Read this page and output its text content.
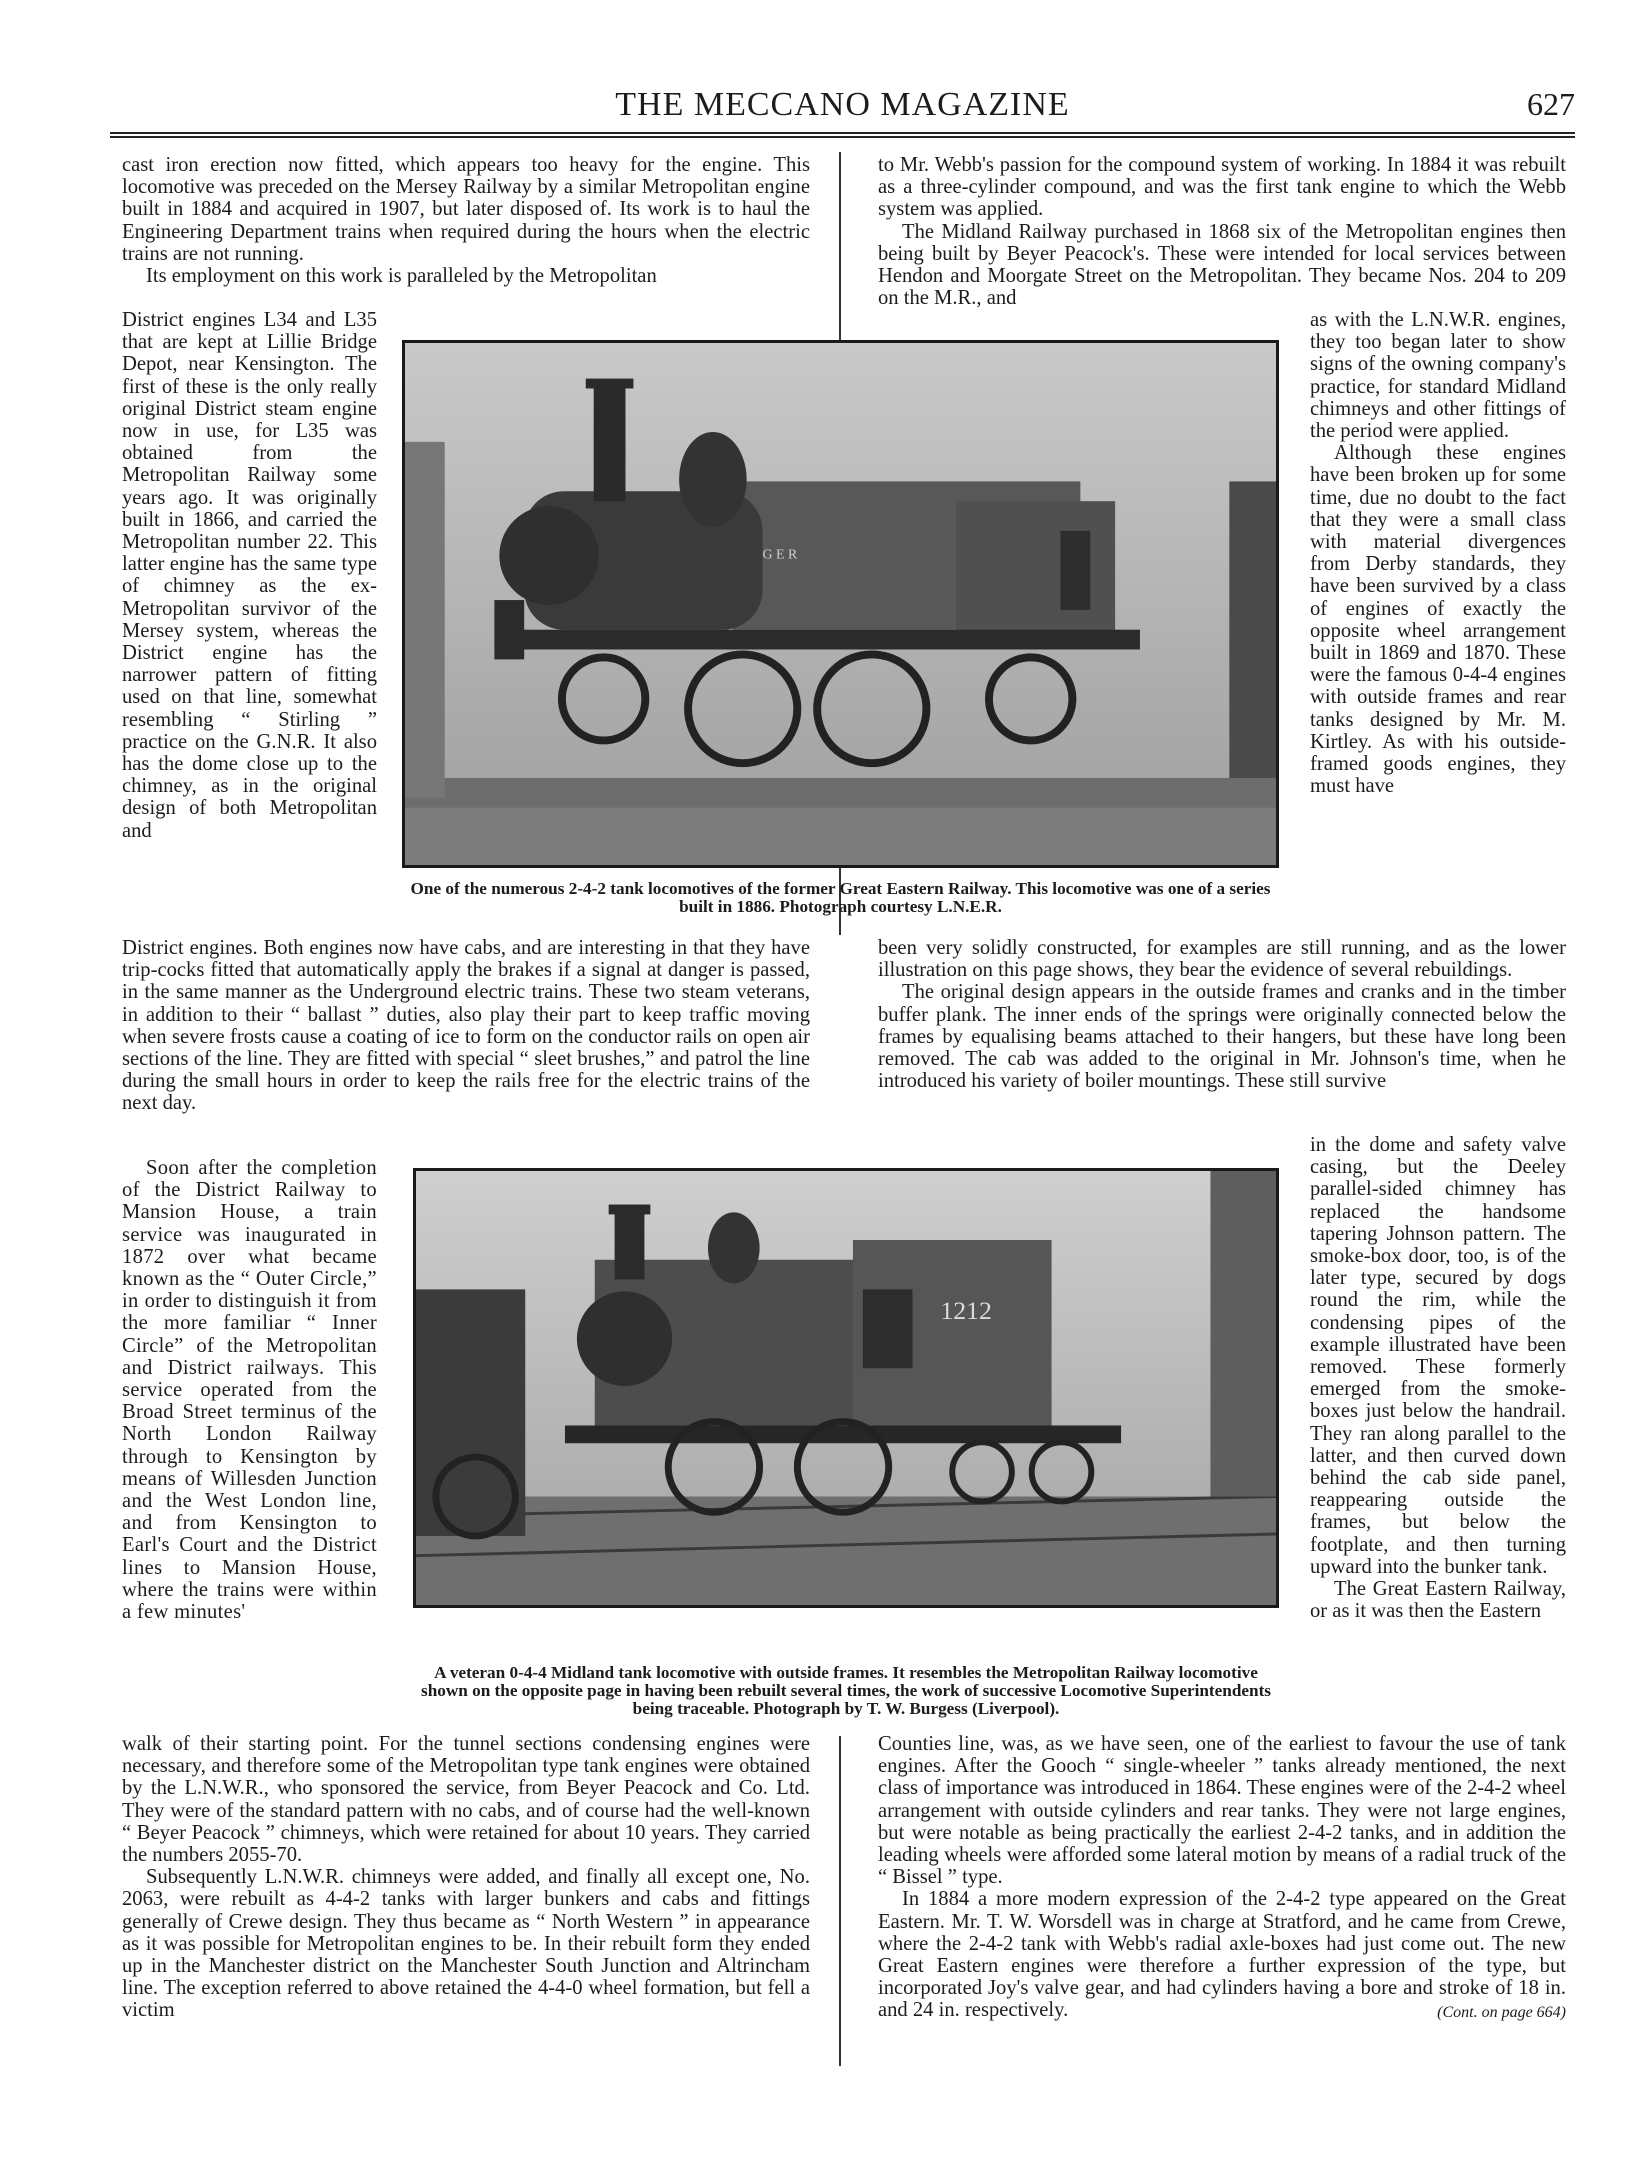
THE MECCANO MAGAZINE	627

cast iron erection now fitted, which appears too heavy for the engine. This locomotive was preceded on the Mersey Railway by a similar Metropolitan engine built in 1884 and acquired in 1907, but later disposed of. Its work is to haul the Engineering Department trains when required during the hours when the electric trains are not running.

Its employment on this work is paralleled by the Metropolitan

District engines L34 and L35 that are kept at Lillie Bridge Depot, near Kensington. The first of these is the only really original District steam engine now in use, for L35 was obtained from the Metropolitan Railway some years ago. It was originally built in 1866, and carried the Metropolitan number 22. This latter engine has the same type of chimney as the ex-Metropolitan survivor of the Mersey system, whereas the District engine has the narrower pattern of fitting used on that line, somewhat resembling “ Stirling ” practice on the G.N.R. It also has the dome close up to the chimney, as in the original design of both Metropolitan and

District engines. Both engines now have cabs, and are interesting in that they have trip-cocks fitted that automatically apply the brakes if a signal at danger is passed, in the same manner as the Underground electric trains. These two steam veterans, in addition to their “ ballast ” duties, also play their part to keep traffic moving when severe frosts cause a coating of ice to form on the conductor rails on open air sections of the line. They are fitted with special “ sleet brushes,” and patrol the line during the small hours in order to keep the rails free for the electric trains of the next day.

Soon after the completion of the District Railway to Mansion House, a train service was inaugurated in 1872 over what became known as the “ Outer Circle,” in order to distinguish it from the more familiar “ Inner Circle” of the Metropolitan and District railways. This service operated from the Broad Street terminus of the North London Railway through to Kensington by means of Willesden Junction and the West London line, and from Kensington to Earl's Court and the District lines to Mansion House, where the trains were within a few minutes'

walk of their starting point. For the tunnel sections condensing engines were necessary, and therefore some of the Metropolitan type tank engines were obtained by the L.N.W.R., who sponsored the service, from Beyer Peacock and Co. Ltd. They were of the standard pattern with no cabs, and of course had the well-known “ Beyer Peacock ” chimneys, which were retained for about 10 years. They carried the numbers 2055-70.

Subsequently L.N.W.R. chimneys were added, and finally all except one, No. 2063, were rebuilt as 4-4-2 tanks with larger bunkers and cabs and fittings generally of Crewe design. They thus became as “ North Western ” in appearance as it was possible for Metropolitan engines to be. In their rebuilt form they ended up in the Manchester district on the Manchester South Junction and Altrincham line. The exception referred to above retained the 4-4-0 wheel formation, but fell a victim

to Mr. Webb's passion for the compound system of working. In 1884 it was rebuilt as a three-cylinder compound, and was the first tank engine to which the Webb system was applied.

The Midland Railway purchased in 1868 six of the Metropolitan engines then being built by Beyer Peacock's. These were intended for local services between Hendon and Moorgate Street on the Metropolitan. They became Nos. 204 to 209 on the M.R., and

as with the L.N.W.R. engines, they too began later to show signs of the owning company's practice, for standard Midland chimneys and other fittings of the period were applied.

Although these engines have been broken up for some time, due no doubt to the fact that they were a small class with material divergences from Derby standards, they have been survived by a class of engines of exactly the opposite wheel arrangement built in 1869 and 1870. These were the famous 0-4-4 engines with outside frames and rear tanks designed by Mr. M. Kirtley. As with his outside-framed goods engines, they must have

been very solidly constructed, for examples are still running, and as the lower illustration on this page shows, they bear the evidence of several rebuildings.

The original design appears in the outside frames and cranks and in the timber buffer plank. The inner ends of the springs were originally connected below the frames by equalising beams attached to their hangers, but these have long been removed. The cab was added to the original in Mr. Johnson's time, when he introduced his variety of boiler mountings. These still survive

in the dome and safety valve casing, but the Deeley parallel-sided chimney has replaced the handsome tapering Johnson pattern. The smoke-box door, too, is of the later type, secured by dogs round the rim, while the condensing pipes of the example illustrated have been removed. These formerly emerged from the smoke-boxes just below the handrail. They ran along parallel to the latter, and then curved down behind the cab side panel, reappearing outside the frames, but below the footplate, and then turning upward into the bunker tank.

The Great Eastern Railway, or as it was then the Eastern

Counties line, was, as we have seen, one of the earliest to favour the use of tank engines. After the Gooch “ single-wheeler ” tanks already mentioned, the next class of importance was introduced in 1864. These engines were of the 2-4-2 wheel arrangement with outside cylinders and rear tanks. They were not large engines, but were notable as being practically the earliest 2-4-2 tanks, and in addition the leading wheels were afforded some lateral motion by means of a radial truck of the “ Bissel ” type.

In 1884 a more modern expression of the 2-4-2 type appeared on the Great Eastern. Mr. T. W. Worsdell was in charge at Stratford, and he came from Crewe, where the 2-4-2 tank with Webb's radial axle-boxes had just come out. The new Great Eastern engines were therefore a further expression of the type, but incorporated Joy's valve gear, and had cylinders having a bore and stroke of 18 in. and 24 in. respectively.	(Cont. on page 664)

G E R
One of the numerous 2-4-2 tank locomotives of the former Great Eastern Railway. This locomotive was one of a series built in 1886. Photograph courtesy L.N.E.R.
1212
A veteran 0-4-4 Midland tank locomotive with outside frames. It resembles the Metropolitan Railway locomotive shown on the opposite page in having been rebuilt several times, the work of successive Locomotive Superintendents being traceable. Photograph by T. W. Burgess (Liverpool).
